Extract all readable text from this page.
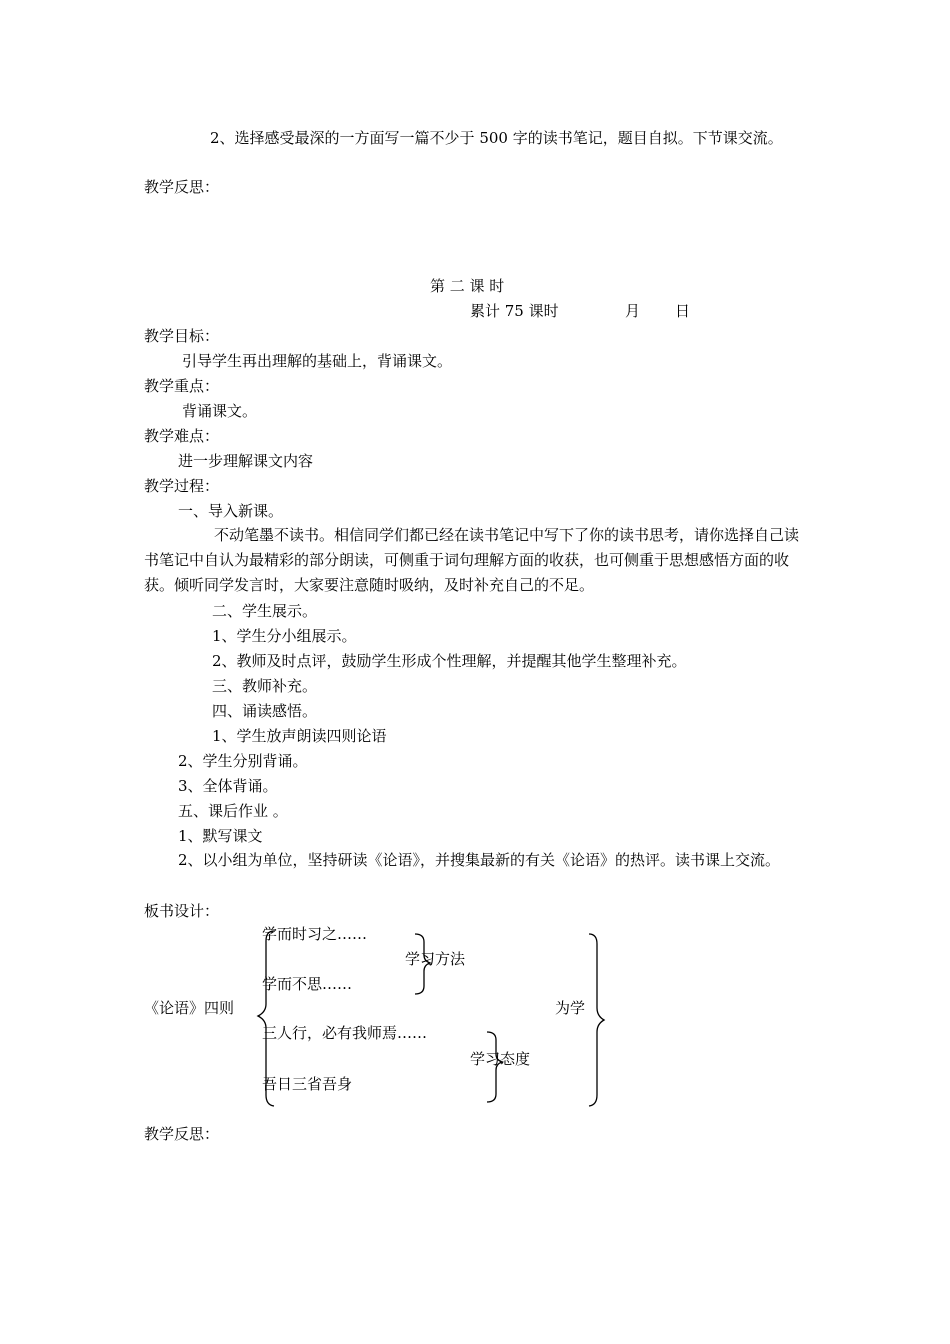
2、选择感受最深的一方面写一篇不少于 500 字的读书笔记，题目自拟。下节课交流。
教学反思：
第 二 课 时
累计 75 课时	月 日
教学目标：
引导学生再出理解的基础上，背诵课文。
教学重点：
背诵课文。
教学难点：
进一步理解课文内容
教学过程：
一、导入新课。
不动笔墨不读书。相信同学们都已经在读书笔记中写下了你的读书思考，请你选择自己读书笔记中自认为最精彩的部分朗读，可侧重于词句理解方面的收获，也可侧重于思想感悟方面的收获。倾听同学发言时，大家要注意随时吸纳，及时补充自己的不足。
二、学生展示。
1、学生分小组展示。
2、教师及时点评，鼓励学生形成个性理解，并提醒其他学生整理补充。
三、教师补充。
四、诵读感悟。
1、学生放声朗读四则论语
2、学生分别背诵。
3、全体背诵。
五、课后作业 。
1、默写课文
2、以小组为单位，坚持研读《论语》，并搜集最新的有关《论语》的热评。读书课上交流。
板书设计：
《论语》四则
学而时习之……
学而不思……
三人行，必有我师焉……
吾日三省吾身
学习方法
学习态度
为学
教学反思：
